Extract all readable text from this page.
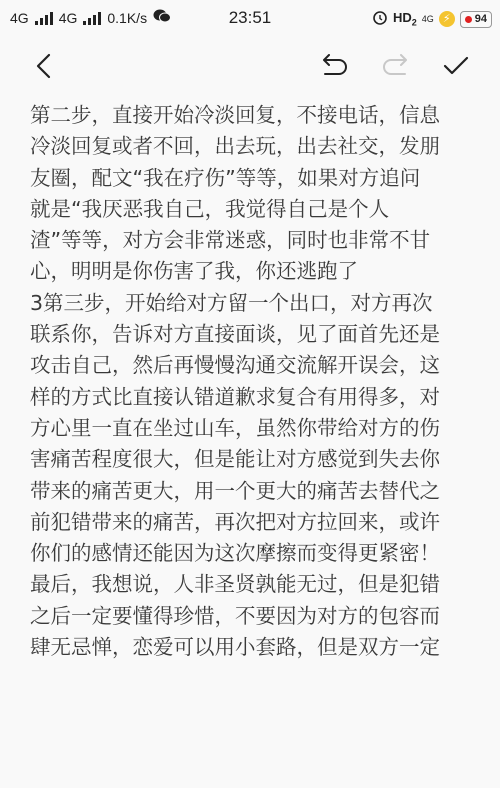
4G 4G 0.1K/s	23:51	$HD_2$ 4G ⚡	94

第二步，直接开始冷淡回复，不接电话，信息

冷淡回复或者不回，出去玩，出去社交，发朋

友圈，配文“我在疗伤”等等，如果对方追问

就是“我厌恶我自己，我觉得自己是个人

渣”等等，对方会非常迷惑，同时也非常不甘

心，明明是你伤害了我，你还逃跑了

3第三步，开始给对方留一个出口，对方再次

联系你，告诉对方直接面谈，见了面首先还是

攻击自己，然后再慢慢沟通交流解开误会，这

样的方式比直接认错道歉求复合有用得多，对

方心里一直在坐过山车，虽然你带给对方的伤

害痛苦程度很大，但是能让对方感觉到失去你

带来的痛苦更大，用一个更大的痛苦去替代之

前犯错带来的痛苦，再次把对方拉回来，或许

你们的感情还能因为这次摩擦而变得更紧密！

最后，我想说，人非圣贤孰能无过，但是犯错

之后一定要懂得珍惜，不要因为对方的包容而

肆无忌惮，恋爱可以用小套路，但是双方一定
